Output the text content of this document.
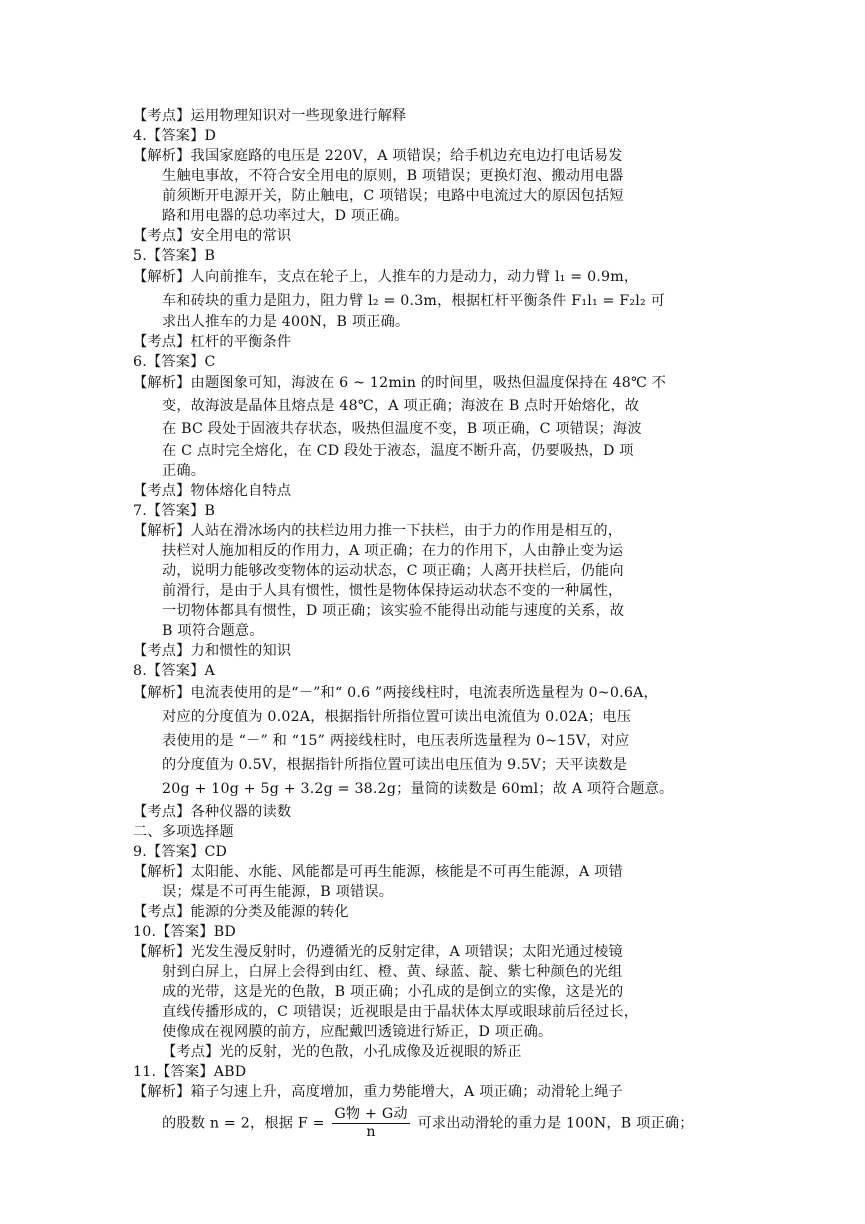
【考点】运用物理知识对一些现象进行解释
4.【答案】D
【解析】我国家庭路的电压是 220V，A 项错误；给手机边充电边打电话易发
生触电事故，不符合安全用电的原则，B 项错误；更换灯泡、搬动用电器
前须断开电源开关，防止触电，C 项错误；电路中电流过大的原因包括短
路和用电器的总功率过大，D 项正确。
【考点】安全用电的常识
5.【答案】B
【解析】人向前推车，支点在轮子上，人推车的力是动力，动力臂 l₁ = 0.9m，
车和砖块的重力是阻力，阻力臂 l₂ = 0.3m，根据杠杆平衡条件 F₁l₁ = F₂l₂ 可
求出人推车的力是 400N，B 项正确。
【考点】杠杆的平衡条件
6.【答案】C
【解析】由题图象可知，海波在 6 ~ 12min 的时间里，吸热但温度保持在 48℃ 不
变，故海波是晶体且熔点是 48℃，A 项正确；海波在 B 点时开始熔化，故
在 BC 段处于固液共存状态，吸热但温度不变，B 项正确，C 项错误；海波
在 C 点时完全熔化，在 CD 段处于液态，温度不断升高，仍要吸热，D 项
正确。
【考点】物体熔化自特点
7.【答案】B
【解析】人站在滑冰场内的扶栏边用力推一下扶栏，由于力的作用是相互的，
扶栏对人施加相反的作用力，A 项正确；在力的作用下，人由静止变为运
动，说明力能够改变物体的运动状态，C 项正确；人离开扶栏后，仍能向
前滑行，是由于人具有惯性，惯性是物体保持运动状态不变的一种属性，
一切物体都具有惯性，D 项正确；该实验不能得出动能与速度的关系，故
B 项符合题意。
【考点】力和惯性的知识
8.【答案】A
【解析】电流表使用的是“－”和“ 0.6 ”两接线柱时，电流表所选量程为 0~0.6A，
对应的分度值为 0.02A，根据指针所指位置可读出电流值为 0.02A；电压
表使用的是 “－” 和 “15” 两接线柱时，电压表所选量程为 0~15V，对应
的分度值为 0.5V，根据指针所指位置可读出电压值为 9.5V；天平读数是
20g + 10g + 5g + 3.2g = 38.2g；量筒的读数是 60ml；故 A 项符合题意。
【考点】各种仪器的读数
二、多项选择题
9.【答案】CD
【解析】太阳能、水能、风能都是可再生能源，核能是不可再生能源，A 项错
误；煤是不可再生能源，B 项错误。
【考点】能源的分类及能源的转化
10.【答案】BD
【解析】光发生漫反射时，仍遵循光的反射定律，A 项错误；太阳光通过棱镜
射到白屏上，白屏上会得到由红、橙、黄、绿蓝、靛、紫七种颜色的光组
成的光带，这是光的色散，B 项正确；小孔成的是倒立的实像，这是光的
直线传播形成的，C 项错误；近视眼是由于晶状体太厚或眼球前后径过长，
使像成在视网膜的前方，应配戴凹透镜进行矫正，D 项正确。
【考点】光的反射，光的色散，小孔成像及近视眼的矫正
11.【答案】ABD
【解析】箱子匀速上升，高度增加，重力势能增大，A 项正确；动滑轮上绳子
的股数 n = 2，根据 $F = \frac{\text{G物 + G动}}{n}$ 可求出动滑轮的重力是 100N，B 项正确；
